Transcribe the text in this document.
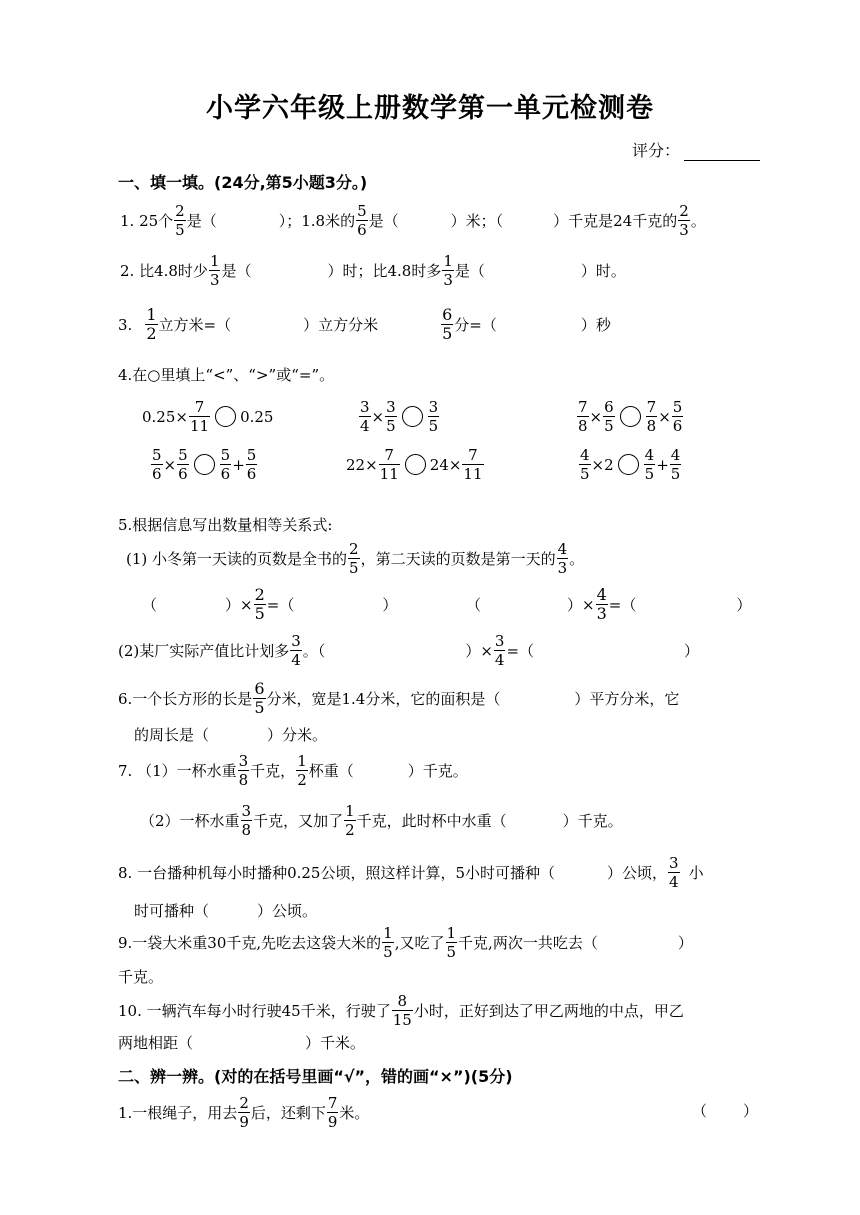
小学六年级上册数学第一单元检测卷
评分：
一、填一填。(24分,第5小题3分。)
1. 25个 $\frac{2}{5}$ 是（	）；1.8米的 $\frac{5}{6}$ 是（	）米；（	）千克是24千克的 $\frac{2}{3}$ 。
2. 比4.8时少 $\frac{1}{3}$ 是（	）时；比4.8时多 $\frac{1}{3}$ 是（	）时。
3. $\frac{1}{2}$ 立方米=（	）立方分米	$\frac{6}{5}$ 分=（	）秒
4.在○里填上“<”、“>”或“=”。
$0.25\times \frac{7}{11} 0.25$	$\frac{3}{4} \times \frac{3}{5} \frac{3}{5}$	$\frac{7}{8} \times \frac{6}{5} \frac{7}{8} \times \frac{5}{6}$
$\frac{5}{6} \times \frac{5}{6} \frac{5}{6} + \frac{5}{6}$	$22\times \frac{7}{11} 24\times \frac{7}{11}$	$\frac{4}{5} \times 2 \frac{4}{5} + \frac{4}{5}$
5.根据信息写出数量相等关系式:
(1) 小冬第一天读的页数是全书的 $\frac{2}{5}$ ，第二天读的页数是第一天的 $\frac{4}{3}$ 。
（	）× $\frac{2}{5}$ =（	）	（	）× $\frac{4}{3}$ =（	）
(2)某厂实际产值比计划多 $\frac{3}{4}$ 。（	）× $\frac{3}{4}$ =（	）
6.一个长方形的长是 $\frac{6}{5}$ 分米，宽是1.4分米，它的面积是（	）平方分米，它
的周长是（	）分米。
7. （1）一杯水重 $\frac{3}{8}$ 千克， $\frac{1}{2}$ 杯重（	）千克。
（2）一杯水重 $\frac{3}{8}$ 千克，又加了 $\frac{1}{2}$ 千克，此时杯中水重（	）千克。
8. 一台播种机每小时播种0.25公顷，照这样计算，5小时可播种（	）公顷， $\frac{3}{4}$ 小
时可播种（	）公顷。
9.一袋大米重30千克,先吃去这袋大米的 $\frac{1}{5}$ ,又吃了 $\frac{1}{5}$ 千克,两次一共吃去（	）
千克。
10. 一辆汽车每小时行驶45千米，行驶了 $\frac{8}{15}$ 小时，正好到达了甲乙两地的中点，甲乙
两地相距（	）千米。
二、辨一辨。(对的在括号里画“√”，错的画“×”)(5分)
1.一根绳子，用去 $\frac{2}{9}$ 后，还剩下 $\frac{7}{9}$ 米。	（ ）
